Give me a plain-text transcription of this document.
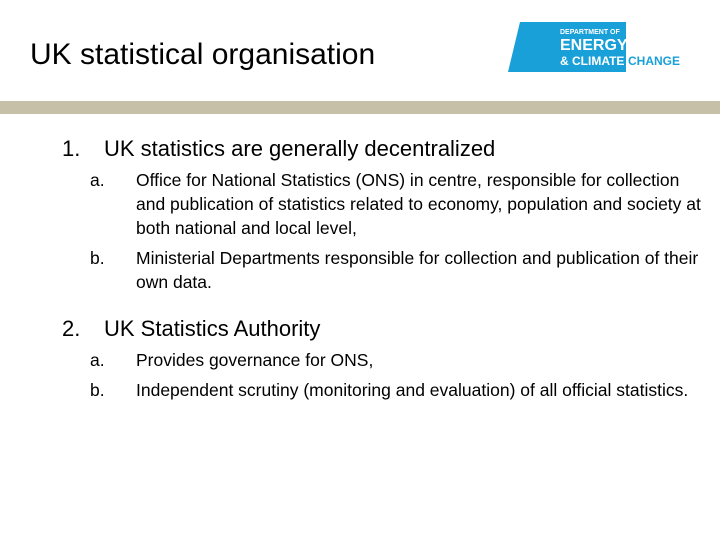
UK statistical organisation
DEPARTMENT OF
ENERGY
& CLIMATE CHANGE
1.	UK statistics are generally decentralized
a.	Office for National Statistics (ONS) in centre, responsible for collection and publication of statistics related to economy, population and society at both national and local level,
b.	Ministerial Departments responsible for collection and publication of their own data.
2.	UK Statistics Authority
a.	Provides governance for ONS,
b.	Independent scrutiny (monitoring and evaluation) of all official statistics.
